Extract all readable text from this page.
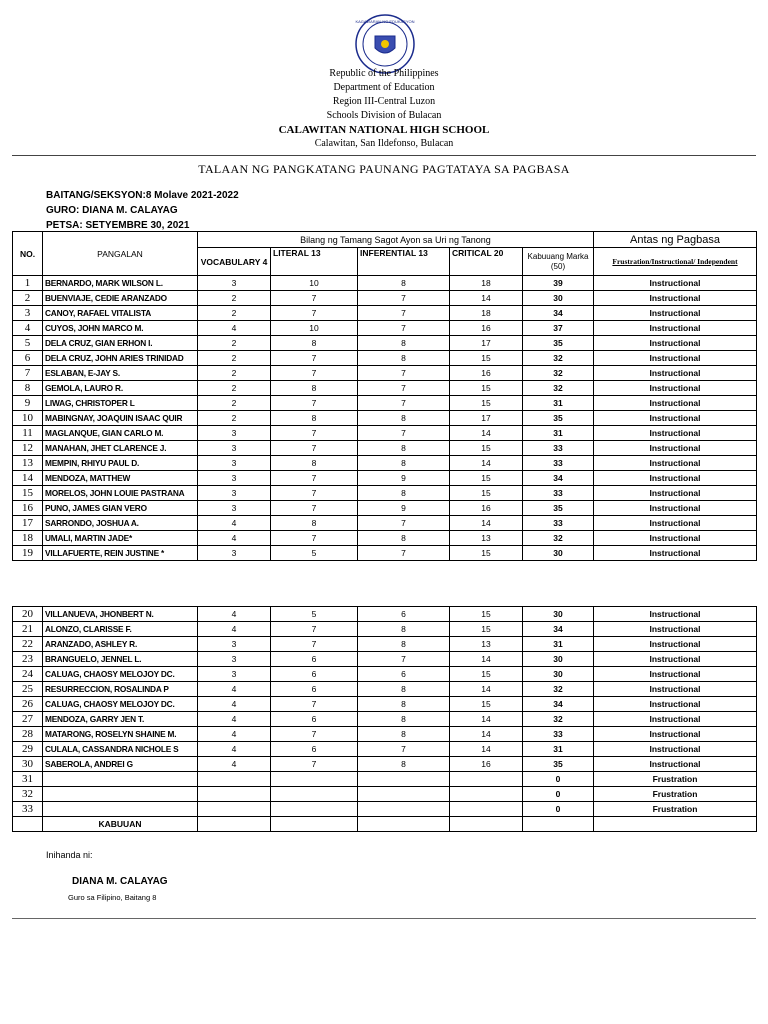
KAGAWARAN NG EDUKASYON
Republic of the Philippines
Department of Education
Region III-Central Luzon
Schools Division of Bulacan
CALAWITAN NATIONAL HIGH SCHOOL
Calawitan, San Ildefonso, Bulacan
TALAAN NG PANGKATANG PAUNANG PAGTATAYA SA PAGBASA
BAITANG/SEKSYON:8 Molave 2021-2022
GURO: DIANA M. CALAYAG
PETSA: SETYEMBRE 30, 2021
NO.	PANGALAN	Bilang ng Tamang Sagot Ayon sa Uri ng Tanong					Antas ng Pagbasa
		VOCABULARY 4	LITERAL 13	INFERENTIAL 13	CRITICAL 20	Kabuuang Marka (50)	Frustration/Instructional/ Independent
1	BERNARDO, MARK WILSON L.	3	10	8	18	39	Instructional
2	BUENVIAJE, CEDIE ARANZADO	2	7	7	14	30	Instructional
3	CANOY, RAFAEL VITALISTA	2	7	7	18	34	Instructional
4	CUYOS, JOHN MARCO M.	4	10	7	16	37	Instructional
5	DELA CRUZ, GIAN ERHON I.	2	8	8	17	35	Instructional
6	DELA CRUZ, JOHN ARIES TRINIDAD	2	7	8	15	32	Instructional
7	ESLABAN, E-JAY S.	2	7	7	16	32	Instructional
8	GEMOLA, LAURO R.	2	8	7	15	32	Instructional
9	LIWAG, CHRISTOPER L	2	7	7	15	31	Instructional
10	MABINGNAY, JOAQUIN ISAAC QUIR	2	8	8	17	35	Instructional
11	MAGLANQUE, GIAN CARLO M.	3	7	7	14	31	Instructional
12	MANAHAN, JHET CLARENCE J.	3	7	8	15	33	Instructional
13	MEMPIN, RHIYU PAUL D.	3	8	8	14	33	Instructional
14	MENDOZA, MATTHEW	3	7	9	15	34	Instructional
15	MORELOS, JOHN LOUIE PASTRANA	3	7	8	15	33	Instructional
16	PUNO, JAMES GIAN VERO	3	7	9	16	35	Instructional
17	SARRONDO, JOSHUA A.	4	8	7	14	33	Instructional
18	UMALI, MARTIN JADE*	4	7	8	13	32	Instructional
19	VILLAFUERTE, REIN JUSTINE *	3	5	7	15	30	Instructional
20	VILLANUEVA, JHONBERT N.	4	5	6	15	30	Instructional
21	ALONZO, CLARISSE F.	4	7	8	15	34	Instructional
22	ARANZADO, ASHLEY R.	3	7	8	13	31	Instructional
23	BRANGUELO, JENNEL L.	3	6	7	14	30	Instructional
24	CALUAG, CHAOSY MELOJOY DC.	3	6	6	15	30	Instructional
25	RESURRECCION, ROSALINDA P	4	6	8	14	32	Instructional
26	CALUAG, CHAOSY MELOJOY DC.	4	7	8	15	34	Instructional
27	MENDOZA, GARRY JEN T.	4	6	8	14	32	Instructional
28	MATARONG, ROSELYN SHAINE M.	4	7	8	14	33	Instructional
29	CULALA, CASSANDRA NICHOLE S	4	6	7	14	31	Instructional
30	SABEROLA, ANDREI G	4	7	8	16	35	Instructional
31						0	Frustration
32						0	Frustration
33						0	Frustration
	KABUUAN						
Inihanda ni:
DIANA M. CALAYAG
Guro sa Filipino, Baitang 8
